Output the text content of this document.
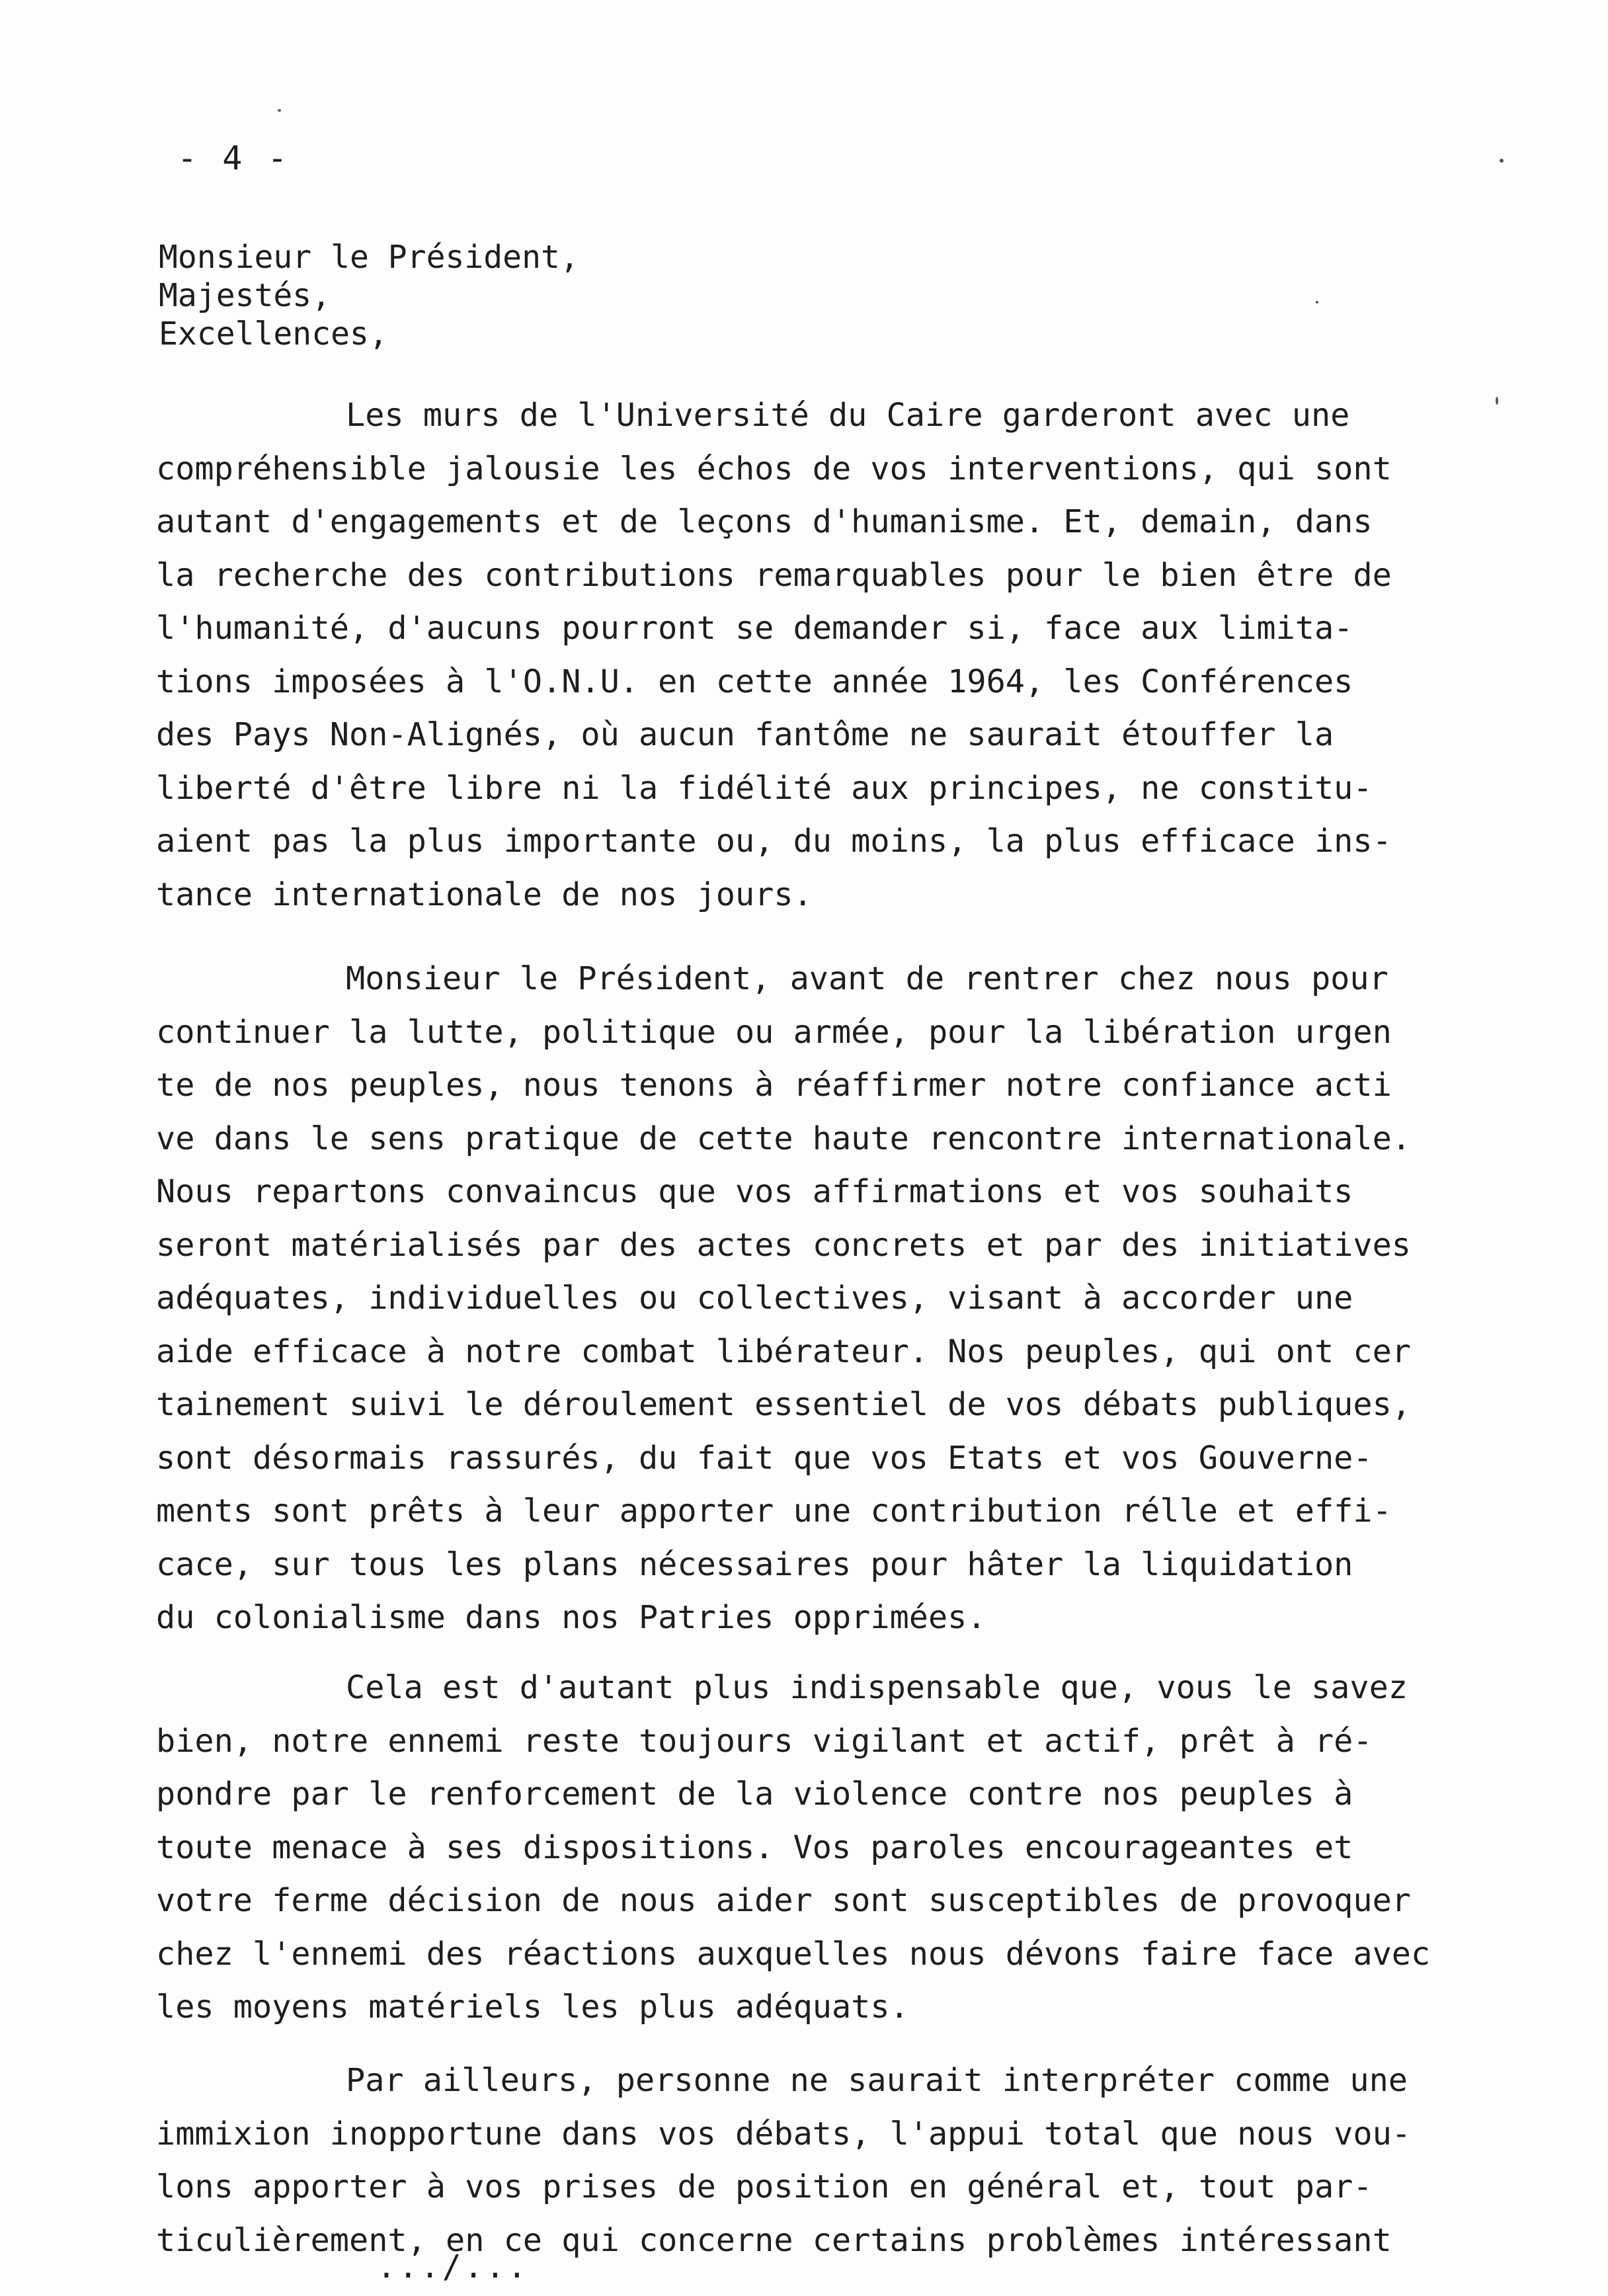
- 4 -
Monsieur le Président,
Majestés,
Excellences,
Les murs de l'Université du Caire garderont avec une
compréhensible jalousie les échos de vos interventions, qui sont
autant d'engagements et de leçons d'humanisme. Et, demain, dans
la recherche des contributions remarquables pour le bien être de
l'humanité, d'aucuns pourront se demander si, face aux limita-
tions imposées à l'O.N.U. en cette année 1964, les Conférences
des Pays Non-Alignés, où aucun fantôme ne saurait étouffer la
liberté d'être libre ni la fidélité aux principes, ne constitu-
aient pas la plus importante ou, du moins, la plus efficace ins-
tance internationale de nos jours.
Monsieur le Président, avant de rentrer chez nous pour
continuer la lutte, politique ou armée, pour la libération urgen
te de nos peuples, nous tenons à réaffirmer notre confiance acti
ve dans le sens pratique de cette haute rencontre internationale.
Nous repartons convaincus que vos affirmations et vos souhaits
seront matérialisés par des actes concrets et par des initiatives
adéquates, individuelles ou collectives, visant à accorder une
aide efficace à notre combat libérateur. Nos peuples, qui ont cer
tainement suivi le déroulement essentiel de vos débats publiques,
sont désormais rassurés, du fait que vos Etats et vos Gouverne-
ments sont prêts à leur apporter une contribution rélle et effi-
cace, sur tous les plans nécessaires pour hâter la liquidation
du colonialisme dans nos Patries opprimées.
Cela est d'autant plus indispensable que, vous le savez
bien, notre ennemi reste toujours vigilant et actif, prêt à ré-
pondre par le renforcement de la violence contre nos peuples à
toute menace à ses dispositions. Vos paroles encourageantes et
votre ferme décision de nous aider sont susceptibles de provoquer
chez l'ennemi des réactions auxquelles nous dévons faire face avec
les moyens matériels les plus adéquats.
Par ailleurs, personne ne saurait interpréter comme une
immixion inopportune dans vos débats, l'appui total que nous vou-
lons apporter à vos prises de position en général et, tout par-
ticulièrement, en ce qui concerne certains problèmes intéressant
.../...
